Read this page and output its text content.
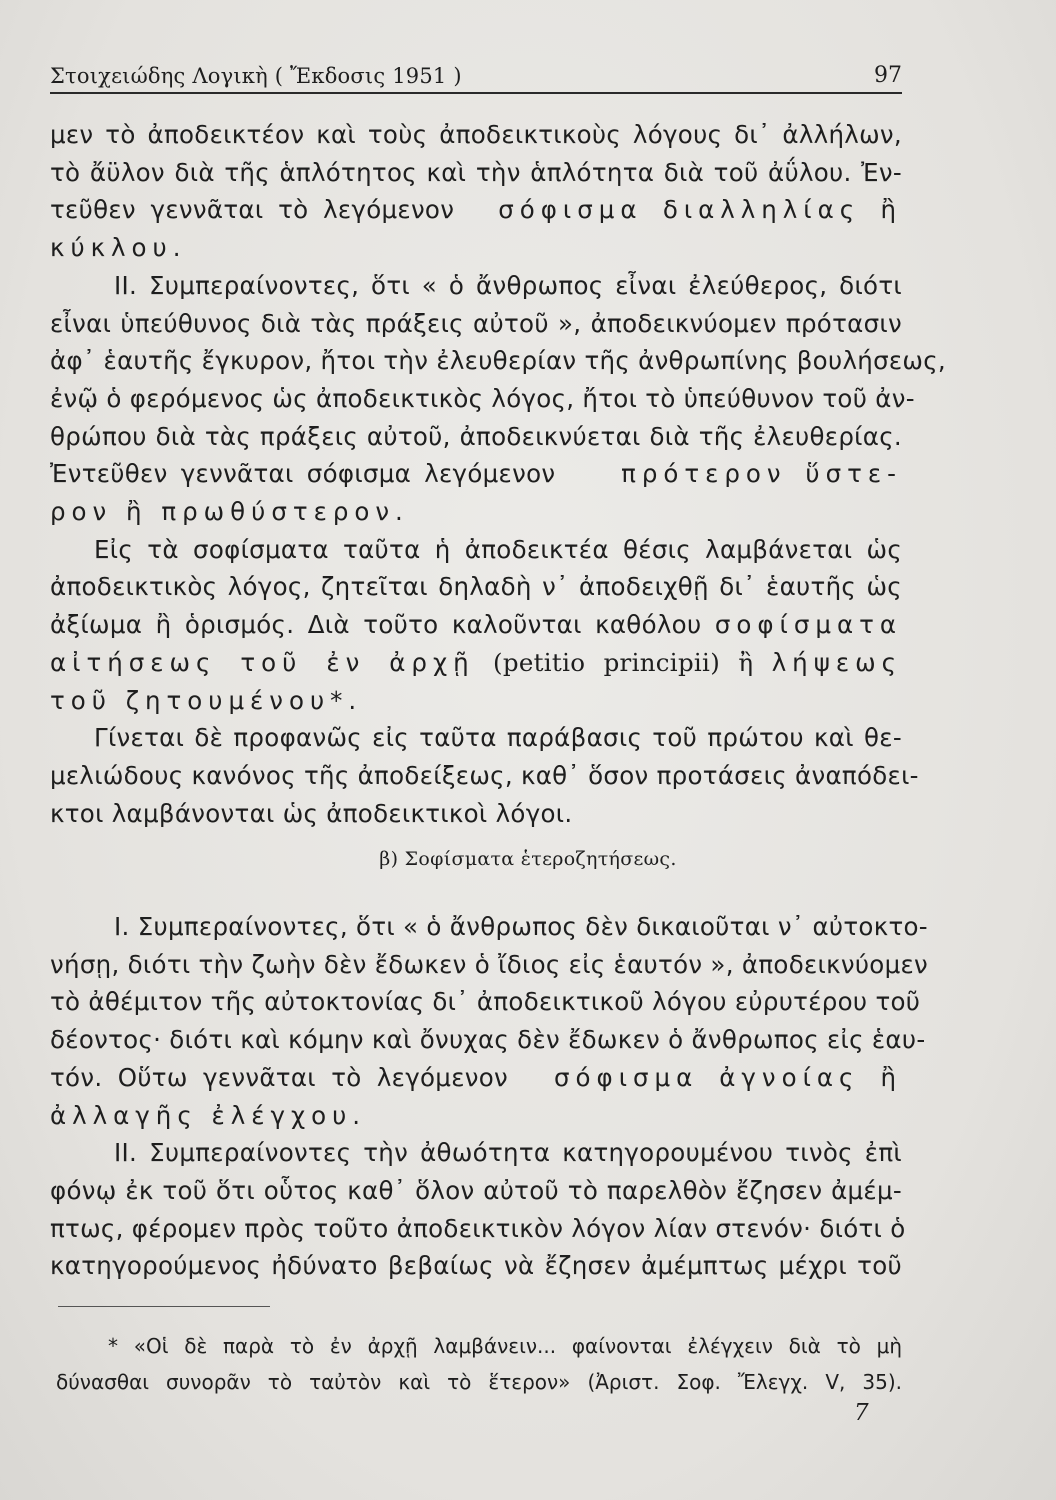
Στοιχειώδης Λογικὴ ( Ἔκδοσις 1951 )	97
μεν τὸ ἀποδεικτέον καὶ τοὺς ἀποδεικτικοὺς λόγους δι᾿ ἀλλήλων,
τὸ ἄϋλον διὰ τῆς ἁπλότητος καὶ τὴν ἁπλότητα διὰ τοῦ ἀΰλου. Ἐν-
τεῦθεν γεννᾶται τὸ λεγόμενον σόφισμα διαλληλίας ἢ
κύκλου.
ΙΙ. Συμπεραίνοντες, ὅτι « ὁ ἄνθρωπος εἶναι ἐλεύθερος, διότι
εἶναι ὑπεύθυνος διὰ τὰς πράξεις αὐτοῦ », ἀποδεικνύομεν πρότασιν
ἀφ᾿ ἑαυτῆς ἔγκυρον, ἤτοι τὴν ἐλευθερίαν τῆς ἀνθρωπίνης βουλήσεως,
ἐνῷ ὁ φερόμενος ὡς ἀποδεικτικὸς λόγος, ἤτοι τὸ ὑπεύθυνον τοῦ ἀν-
θρώπου διὰ τὰς πράξεις αὐτοῦ, ἀποδεικνύεται διὰ τῆς ἐλευθερίας.
Ἐντεῦθεν γεννᾶται σόφισμα λεγόμενον	πρότερον ὕστε-
ρον ἢ πρωθύστερον.
Εἰς τὰ σοφίσματα ταῦτα ἡ ἀποδεικτέα θέσις λαμβάνεται ὡς
ἀποδεικτικὸς λόγος, ζητεῖται δηλαδὴ ν᾿ ἀποδειχθῇ δι᾿ ἑαυτῆς ὡς
ἀξίωμα ἢ ὁρισμός. Διὰ τοῦτο καλοῦνται καθόλου σοφίσματα
αἰτήσεως τοῦ ἐν ἀρχῇ (petitio principii) ἢ λήψεως
τοῦ ζητουμένου*.
Γίνεται δὲ προφανῶς εἰς ταῦτα παράβασις τοῦ πρώτου καὶ θε-
μελιώδους κανόνος τῆς ἀποδείξεως, καθ᾿ ὅσον προτάσεις ἀναπόδει-
κτοι λαμβάνονται ὡς ἀποδεικτικοὶ λόγοι.
β) Σοφίσματα ἑτεροζητήσεως.
Ι. Συμπεραίνοντες, ὅτι « ὁ ἄνθρωπος δὲν δικαιοῦται ν᾿ αὐτοκτο-
νήσῃ, διότι τὴν ζωὴν δὲν ἔδωκεν ὁ ἴδιος εἰς ἑαυτόν », ἀποδεικνύομεν
τὸ ἀθέμιτον τῆς αὐτοκτονίας δι᾿ ἀποδεικτικοῦ λόγου εὐρυτέρου τοῦ
δέοντος· διότι καὶ κόμην καὶ ὄνυχας δὲν ἔδωκεν ὁ ἄνθρωπος εἰς ἑαυ-
τόν. Οὕτω γεννᾶται τὸ λεγόμενον σόφισμα ἀγνοίας ἢ
ἀλλαγῆς ἐλέγχου.
ΙΙ. Συμπεραίνοντες τὴν ἀθωότητα κατηγορουμένου τινὸς ἐπὶ
φόνῳ ἐκ τοῦ ὅτι οὗτος καθ᾿ ὅλον αὐτοῦ τὸ παρελθὸν ἔζησεν ἀμέμ-
πτως, φέρομεν πρὸς τοῦτο ἀποδεικτικὸν λόγον λίαν στενόν· διότι ὁ
κατηγορούμενος ἠδύνατο βεβαίως νὰ ἔζησεν ἀμέμπτως μέχρι τοῦ
* «Οἱ δὲ παρὰ τὸ ἐν ἀρχῇ λαμβάνειν... φαίνονται ἐλέγχειν διὰ τὸ μὴ
δύνασθαι συνορᾶν τὸ ταὐτὸν καὶ τὸ ἕτερον» (Ἀριστ. Σοφ. Ἔλεγχ. V, 35).
7
